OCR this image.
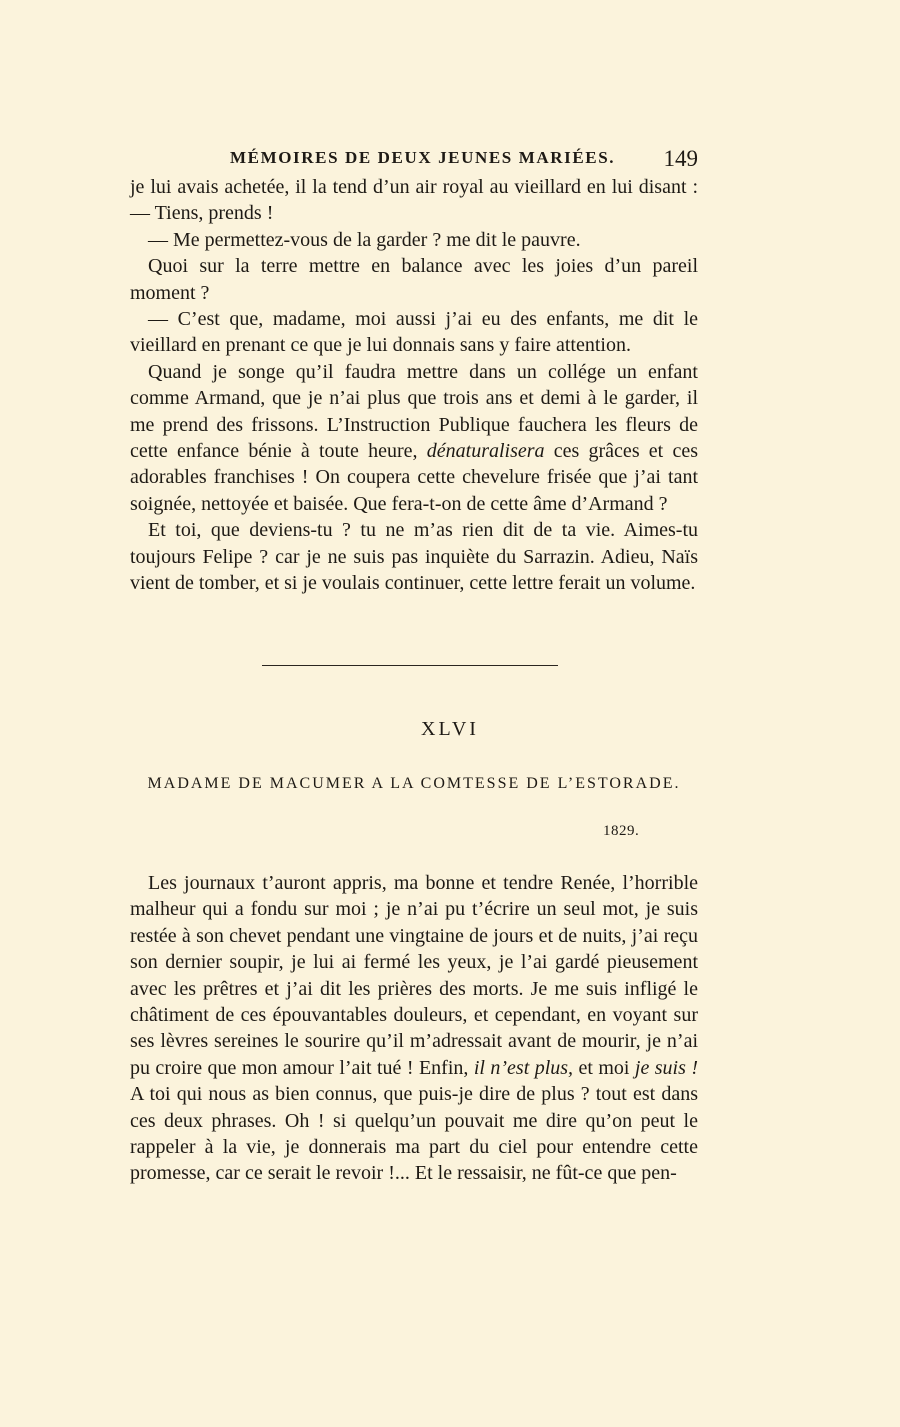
MÉMOIRES DE DEUX JEUNES MARIÉES. 149

je lui avais achetée, il la tend d’un air royal au vieillard en lui disant : — Tiens, prends !

— Me permettez-vous de la garder ? me dit le pauvre.

Quoi sur la terre mettre en balance avec les joies d’un pareil moment ?

— C’est que, madame, moi aussi j’ai eu des enfants, me dit le vieillard en prenant ce que je lui donnais sans y faire attention.

Quand je songe qu’il faudra mettre dans un collége un enfant comme Armand, que je n’ai plus que trois ans et demi à le garder, il me prend des frissons. L’Instruction Publique fauchera les fleurs de cette enfance bénie à toute heure, dénaturalisera ces grâces et ces adorables franchises ! On coupera cette chevelure frisée que j’ai tant soignée, nettoyée et baisée. Que fera-t-on de cette âme d’Armand ?

Et toi, que deviens-tu ? tu ne m’as rien dit de ta vie. Aimes-tu toujours Felipe ? car je ne suis pas inquiète du Sarrazin. Adieu, Naïs vient de tomber, et si je voulais continuer, cette lettre ferait un volume.

XLVI
MADAME DE MACUMER A LA COMTESSE DE L’ESTORADE.
1829.

Les journaux t’auront appris, ma bonne et tendre Renée, l’horrible malheur qui a fondu sur moi ; je n’ai pu t’écrire un seul mot, je suis restée à son chevet pendant une vingtaine de jours et de nuits, j’ai reçu son dernier soupir, je lui ai fermé les yeux, je l’ai gardé pieusement avec les prêtres et j’ai dit les prières des morts. Je me suis infligé le châtiment de ces épouvantables douleurs, et cependant, en voyant sur ses lèvres sereines le sourire qu’il m’adressait avant de mourir, je n’ai pu croire que mon amour l’ait tué ! Enfin, il n’est plus, et moi je suis ! A toi qui nous as bien connus, que puis-je dire de plus ? tout est dans ces deux phrases. Oh ! si quelqu’un pouvait me dire qu’on peut le rappeler à la vie, je donnerais ma part du ciel pour entendre cette promesse, car ce serait le revoir !... Et le ressaisir, ne fût-ce que pen-
